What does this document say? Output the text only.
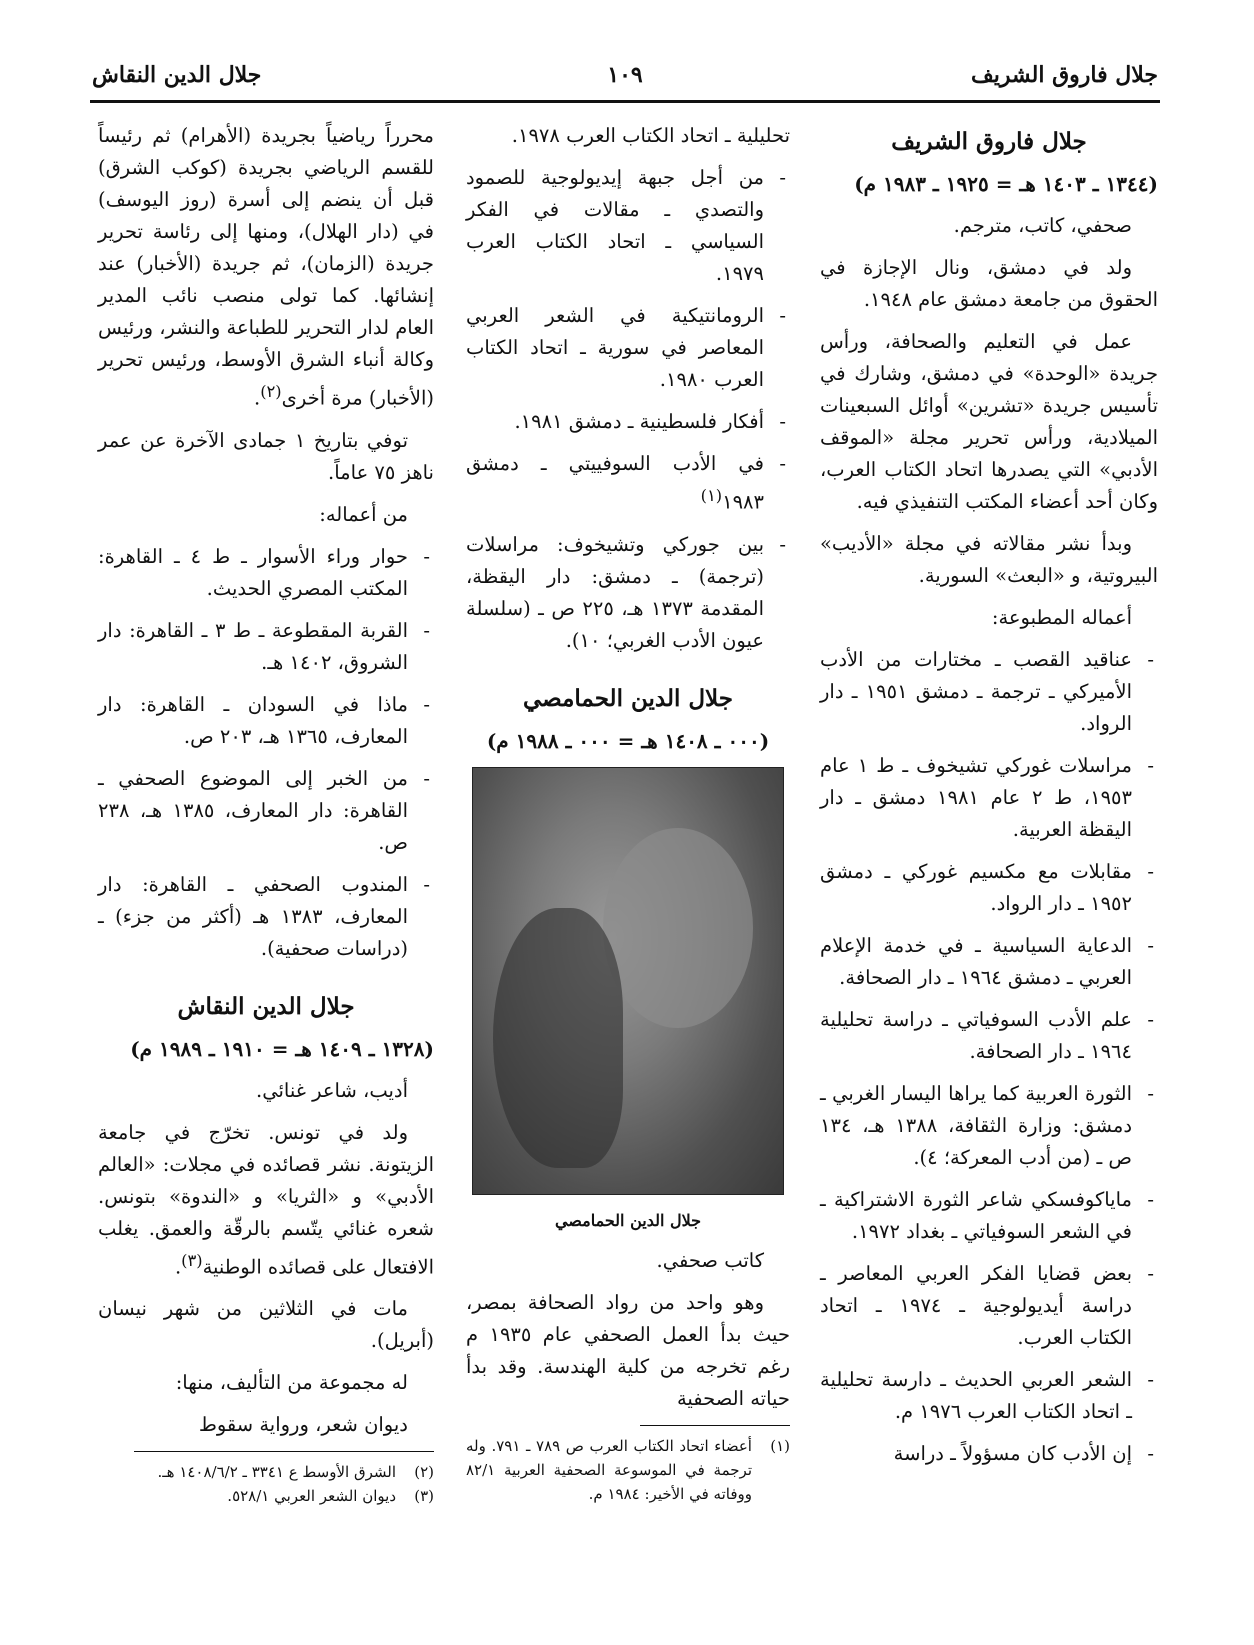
جلال فاروق الشريف
١٠٩
جلال الدين النقاش
جلال فاروق الشريف
(١٣٤٤ ـ ١٤٠٣ هـ = ١٩٢٥ ـ ١٩٨٣ م)

صحفي، كاتب، مترجم.

ولد في دمشق، ونال الإجازة في الحقوق من جامعة دمشق عام ١٩٤٨.

عمل في التعليم والصحافة، ورأس جريدة «الوحدة» في دمشق، وشارك في تأسيس جريدة «تشرين» أوائل السبعينات الميلادية، ورأس تحرير مجلة «الموقف الأدبي» التي يصدرها اتحاد الكتاب العرب، وكان أحد أعضاء المكتب التنفيذي فيه.

وبدأ نشر مقالاته في مجلة «الأديب» البيروتية، و «البعث» السورية.

أعماله المطبوعة:

- عناقيد القصب ـ مختارات من الأدب الأميركي ـ ترجمة ـ دمشق ١٩٥١ ـ دار الرواد.
- مراسلات غوركي تشيخوف ـ ط ١ عام ١٩٥٣، ط ٢ عام ١٩٨١ دمشق ـ دار اليقظة العربية.
- مقابلات مع مكسيم غوركي ـ دمشق ١٩٥٢ ـ دار الرواد.
- الدعاية السياسية ـ في خدمة الإعلام العربي ـ دمشق ١٩٦٤ ـ دار الصحافة.
- علم الأدب السوفياتي ـ دراسة تحليلية ١٩٦٤ ـ دار الصحافة.
- الثورة العربية كما يراها اليسار الغربي ـ دمشق: وزارة الثقافة، ١٣٨٨ هـ، ١٣٤ ص ـ (من أدب المعركة؛ ٤).
- ماياكوفسكي شاعر الثورة الاشتراكية ـ في الشعر السوفياتي ـ بغداد ١٩٧٢.
- بعض قضايا الفكر العربي المعاصر ـ دراسة أيديولوجية ـ ١٩٧٤ ـ اتحاد الكتاب العرب.
- الشعر العربي الحديث ـ دارسة تحليلية ـ اتحاد الكتاب العرب ١٩٧٦ م.
- إن الأدب كان مسؤولاً ـ دراسة

تحليلية ـ اتحاد الكتاب العرب ١٩٧٨.

- من أجل جبهة إيديولوجية للصمود والتصدي ـ مقالات في الفكر السياسي ـ اتحاد الكتاب العرب ١٩٧٩.
- الرومانتيكية في الشعر العربي المعاصر في سورية ـ اتحاد الكتاب العرب ١٩٨٠.
- أفكار فلسطينية ـ دمشق ١٩٨١.
- في الأدب السوفييتي ـ دمشق ١٩٨٣$^{(١)}$
- بين جوركي وتشيخوف: مراسلات (ترجمة) ـ دمشق: دار اليقظة، المقدمة ١٣٧٣ هـ، ٢٢٥ ص ـ (سلسلة عيون الأدب الغربي؛ ١٠).
جلال الدين الحمامصي
(٠٠٠ ـ ١٤٠٨ هـ = ٠٠٠ ـ ١٩٨٨ م)
جلال الدين الحمامصي

كاتب صحفي.

وهو واحد من رواد الصحافة بمصر، حيث بدأ العمل الصحفي عام ١٩٣٥ م رغم تخرجه من كلية الهندسة. وقد بدأ حياته الصحفية

(١)
أعضاء اتحاد الكتاب العرب ص ٧٨٩ ـ ٧٩١. وله ترجمة في الموسوعة الصحفية العربية ٨٢/١ ووفاته في الأخير: ١٩٨٤ م.

محرراً رياضياً بجريدة (الأهرام) ثم رئيساً للقسم الرياضي بجريدة (كوكب الشرق) قبل أن ينضم إلى أسرة (روز اليوسف) في (دار الهلال)، ومنها إلى رئاسة تحرير جريدة (الزمان)، ثم جريدة (الأخبار) عند إنشائها. كما تولى منصب نائب المدير العام لدار التحرير للطباعة والنشر، ورئيس وكالة أنباء الشرق الأوسط، ورئيس تحرير (الأخبار) مرة أخرى$^{(٢)}$.

توفي بتاريخ ١ جمادى الآخرة عن عمر ناهز ٧٥ عاماً.

من أعماله:

- حوار وراء الأسوار ـ ط ٤ ـ القاهرة: المكتب المصري الحديث.
- القربة المقطوعة ـ ط ٣ ـ القاهرة: دار الشروق، ١٤٠٢ هـ.
- ماذا في السودان ـ القاهرة: دار المعارف، ١٣٦٥ هـ، ٢٠٣ ص.
- من الخبر إلى الموضوع الصحفي ـ القاهرة: دار المعارف، ١٣٨٥ هـ، ٢٣٨ ص.
- المندوب الصحفي ـ القاهرة: دار المعارف، ١٣٨٣ هـ (أكثر من جزء) ـ (دراسات صحفية).
جلال الدين النقاش
(١٣٢٨ ـ ١٤٠٩ هـ = ١٩١٠ ـ ١٩٨٩ م)

أديب، شاعر غنائي.

ولد في تونس. تخرّج في جامعة الزيتونة. نشر قصائده في مجلات: «العالم الأدبي» و «الثريا» و «الندوة» بتونس. شعره غنائي يتّسم بالرقّة والعمق. يغلب الافتعال على قصائده الوطنية$^{(٣)}$.

مات في الثلاثين من شهر نيسان (أبريل).

له مجموعة من التأليف، منها:

ديوان شعر، ورواية سقوط

(٢)
الشرق الأوسط ع ٣٣٤١ ـ ١٤٠٨/٦/٢ هـ.

(٣)
ديوان الشعر العربي ٥٢٨/١.
